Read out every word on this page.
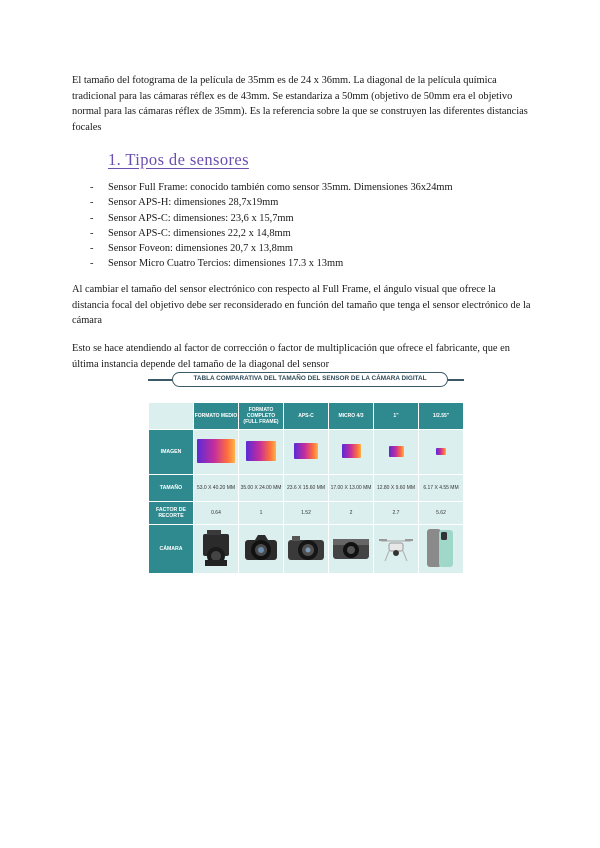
El tamaño del fotograma de la película de 35mm es de 24 x 36mm. La diagonal de la película química tradicional para las cámaras réflex es de 43mm. Se estandariza a 50mm (objetivo de 50mm era el objetivo normal para las cámaras réflex de 35mm). Es la referencia sobre la que se construyen las diferentes distancias focales

1. Tipos de sensores
- Sensor Full Frame: conocido también como sensor 35mm. Dimensiones 36x24mm
- Sensor APS-H: dimensiones 28,7x19mm
- Sensor APS-C: dimensiones: 23,6 x 15,7mm
- Sensor APS-C: dimensiones 22,2 x 14,8mm
- Sensor Foveon: dimensiones 20,7 x 13,8mm
- Sensor Micro Cuatro Tercios: dimensiones 17.3 x 13mm

Al cambiar el tamaño del sensor electrónico con respecto al Full Frame, el ángulo visual que ofrece la distancia focal del objetivo debe ser reconsiderado en función del tamaño que tenga el sensor electrónico de la cámara

Esto se hace atendiendo al factor de corrección o factor de multiplicación que ofrece el fabricante, que en última instancia depende del tamaño de la diagonal del sensor

TABLA COMPARATIVA DEL TAMAÑO DEL SENSOR DE LA CÁMARA DIGITAL
	FORMATO MEDIO	FORMATO COMPLETO (FULL FRAME)	APS-C	MICRO 4/3	1"	1/2.55"
IMAGEN						
TAMAÑO	53.0 X 40.20 MM	35.00 X 24.00 MM	23.6 X 15.60 MM	17.00 X 13.00 MM	12.80 X 9.60 MM	6.17 X 4.55 MM
FACTOR DE RECORTE	0.64	1	1.52	2	2.7	5.62
CÁMARA	
